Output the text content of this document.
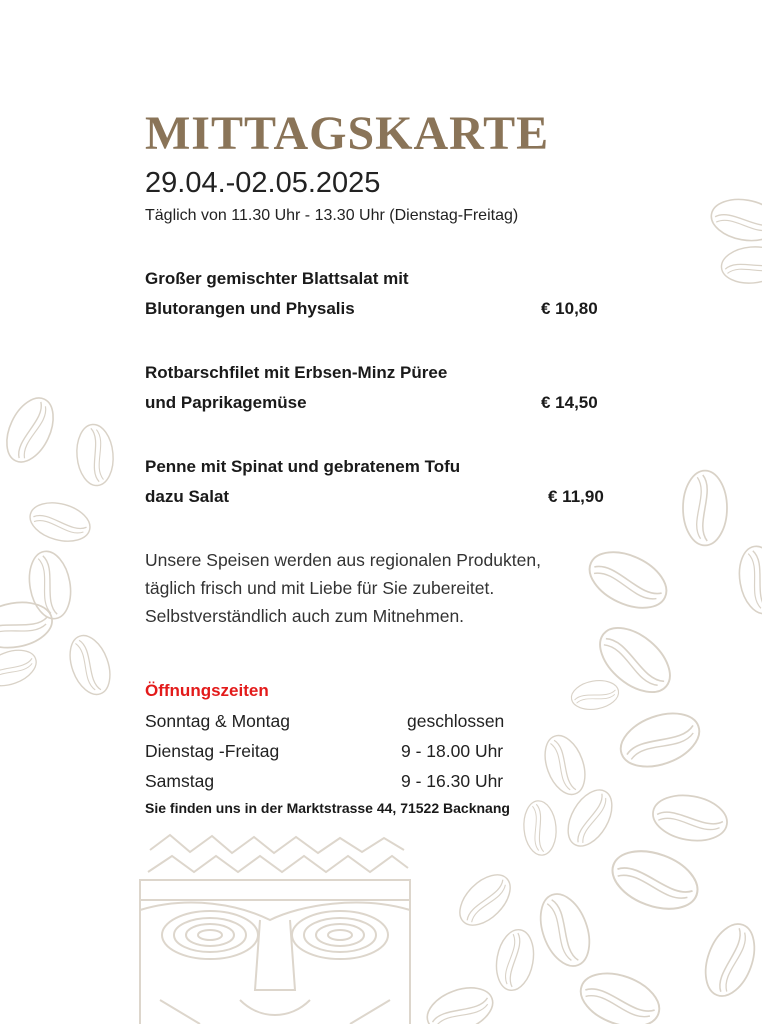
MITTAGSKARTE
29.04.-02.05.2025
Täglich von 11.30 Uhr - 13.30 Uhr (Dienstag-Freitag)
Großer gemischter Blattsalat mit
Blutorangen und Physalis	€ 10,80
Rotbarschfilet mit Erbsen-Minz Püree
und Paprikagemüse	€ 14,50
Penne mit Spinat und gebratenem Tofu
dazu Salat	€ 11,90
Unsere Speisen werden aus regionalen Produkten,
täglich frisch und mit Liebe für Sie zubereitet.
Selbstverständlich auch zum Mitnehmen.
Öffnungszeiten
Sonntag & Montag	geschlossen
Dienstag -Freitag	9 - 18.00 Uhr
Samstag	9 - 16.30 Uhr
Sie finden uns in der Marktstrasse 44, 71522 Backnang
